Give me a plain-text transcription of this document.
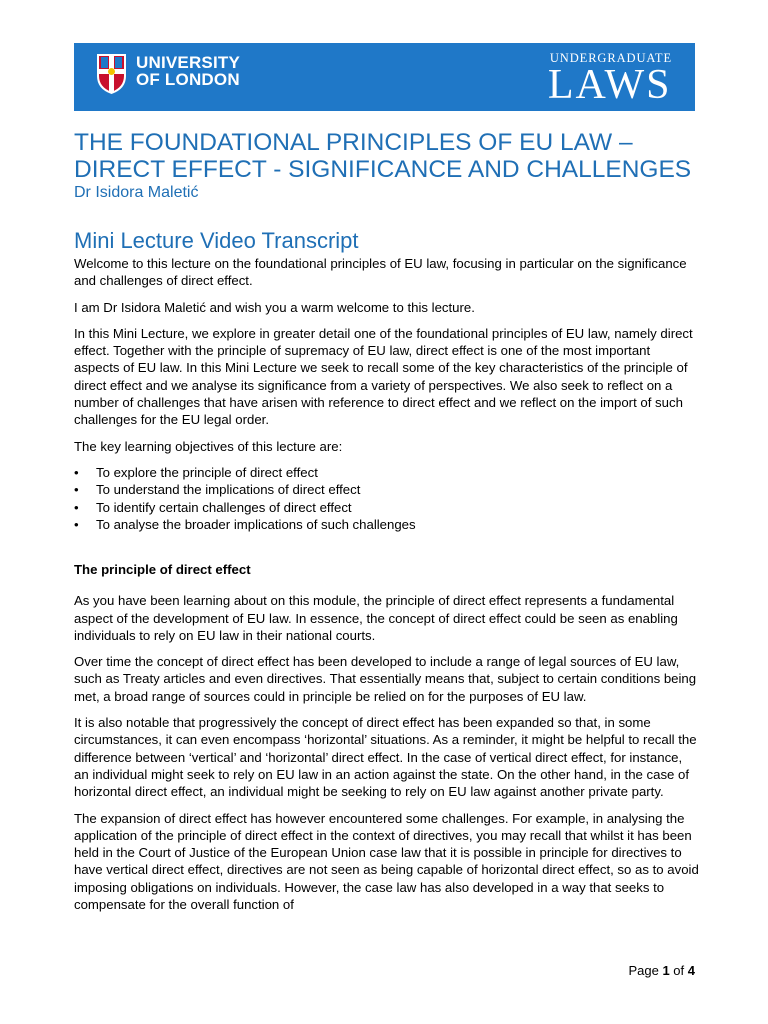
UNIVERSITY
OF LONDON
UNDERGRADUATE
LAWS
THE FOUNDATIONAL PRINCIPLES OF EU LAW –
DIRECT EFFECT - SIGNIFICANCE AND CHALLENGES
Dr Isidora Maletić
Mini Lecture Video Transcript

Welcome to this lecture on the foundational principles of EU law, focusing in particular on the significance and challenges of direct effect.

I am Dr Isidora Maletić and wish you a warm welcome to this lecture.

In this Mini Lecture, we explore in greater detail one of the foundational principles of EU law, namely direct effect. Together with the principle of supremacy of EU law, direct effect is one of the most important aspects of EU law. In this Mini Lecture we seek to recall some of the key characteristics of the principle of direct effect and we analyse its significance from a variety of perspectives. We also seek to reflect on a number of challenges that have arisen with reference to direct effect and we reflect on the import of such challenges for the EU legal order.

The key learning objectives of this lecture are:

• To explore the principle of direct effect
• To understand the implications of direct effect
• To identify certain challenges of direct effect
• To analyse the broader implications of such challenges

The principle of direct effect

As you have been learning about on this module, the principle of direct effect represents a fundamental aspect of the development of EU law. In essence, the concept of direct effect could be seen as enabling individuals to rely on EU law in their national courts.

Over time the concept of direct effect has been developed to include a range of legal sources of EU law, such as Treaty articles and even directives. That essentially means that, subject to certain conditions being met, a broad range of sources could in principle be relied on for the purposes of EU law.

It is also notable that progressively the concept of direct effect has been expanded so that, in some circumstances, it can even encompass ‘horizontal’ situations. As a reminder, it might be helpful to recall the difference between ‘vertical’ and ‘horizontal’ direct effect. In the case of vertical direct effect, for instance, an individual might seek to rely on EU law in an action against the state. On the other hand, in the case of horizontal direct effect, an individual might be seeking to rely on EU law against another private party.

The expansion of direct effect has however encountered some challenges. For example, in analysing the application of the principle of direct effect in the context of directives, you may recall that whilst it has been held in the Court of Justice of the European Union case law that it is possible in principle for directives to have vertical direct effect, directives are not seen as being capable of horizontal direct effect, so as to avoid imposing obligations on individuals. However, the case law has also developed in a way that seeks to compensate for the overall function of

Page 1 of 4
